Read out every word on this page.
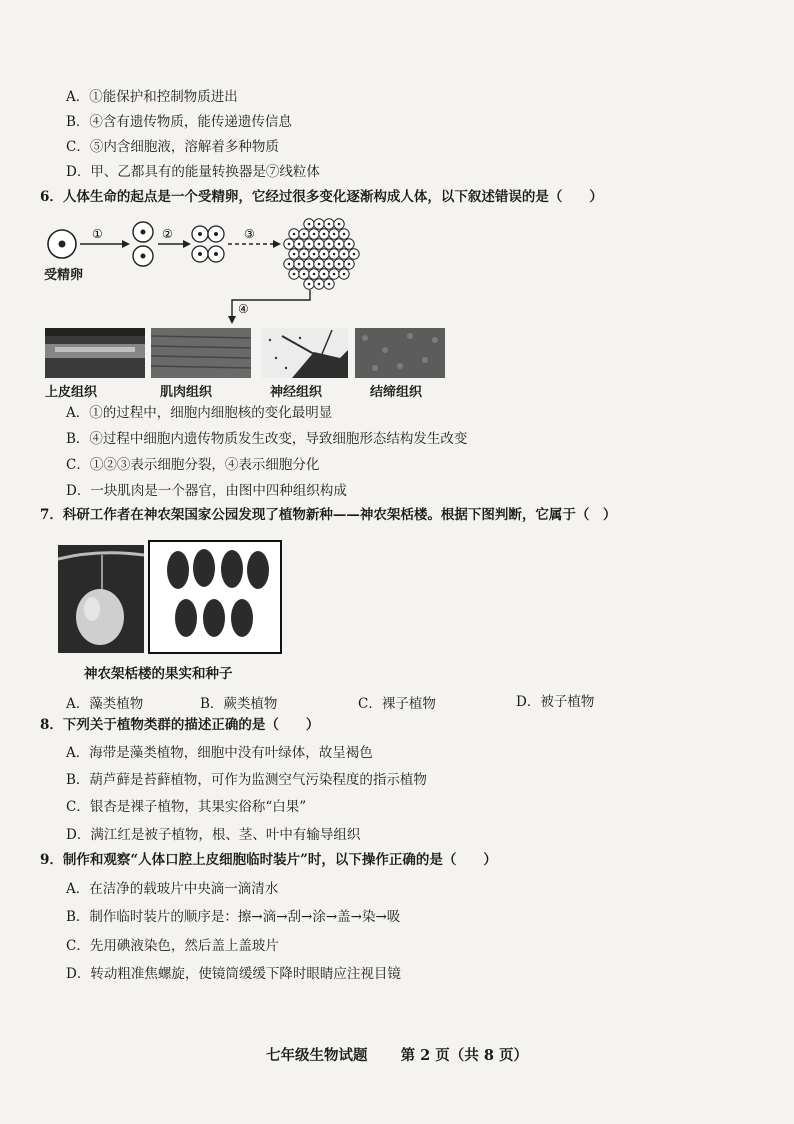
A．①能保护和控制物质进出
B．④含有遗传物质，能传递遗传信息
C．⑤内含细胞液，溶解着多种物质
D．甲、乙都具有的能量转换器是⑦线粒体
6．人体生命的起点是一个受精卵，它经过很多变化逐渐构成人体，以下叙述错误的是（　　）
①	②	③
④
受精卵
上皮组织	肌肉组织	神经组织	结缔组织
A．①的过程中，细胞内细胞核的变化最明显
B．④过程中细胞内遗传物质发生改变，导致细胞形态结构发生改变
C．①②③表示细胞分裂，④表示细胞分化
D．一块肌肉是一个器官，由图中四种组织构成
7．科研工作者在神农架国家公园发现了植物新种——神农架栝楼。根据下图判断，它属于（　）
神农架栝楼的果实和种子
A．藻类植物	B．蕨类植物	C．裸子植物	D．被子植物
8．下列关于植物类群的描述正确的是（　　）
A．海带是藻类植物，细胞中没有叶绿体，故呈褐色
B．葫芦藓是苔藓植物，可作为监测空气污染程度的指示植物
C．银杏是裸子植物，其果实俗称“白果”
D．满江红是被子植物，根、茎、叶中有输导组织
9．制作和观察“人体口腔上皮细胞临时装片”时，以下操作正确的是（　　）
A．在洁净的载玻片中央滴一滴清水
B．制作临时装片的顺序是：擦→滴→刮→涂→盖→染→吸
C．先用碘液染色，然后盖上盖玻片
D．转动粗准焦螺旋，使镜筒缓缓下降时眼睛应注视目镜
七年级生物试题 第 2 页（共 8 页）
